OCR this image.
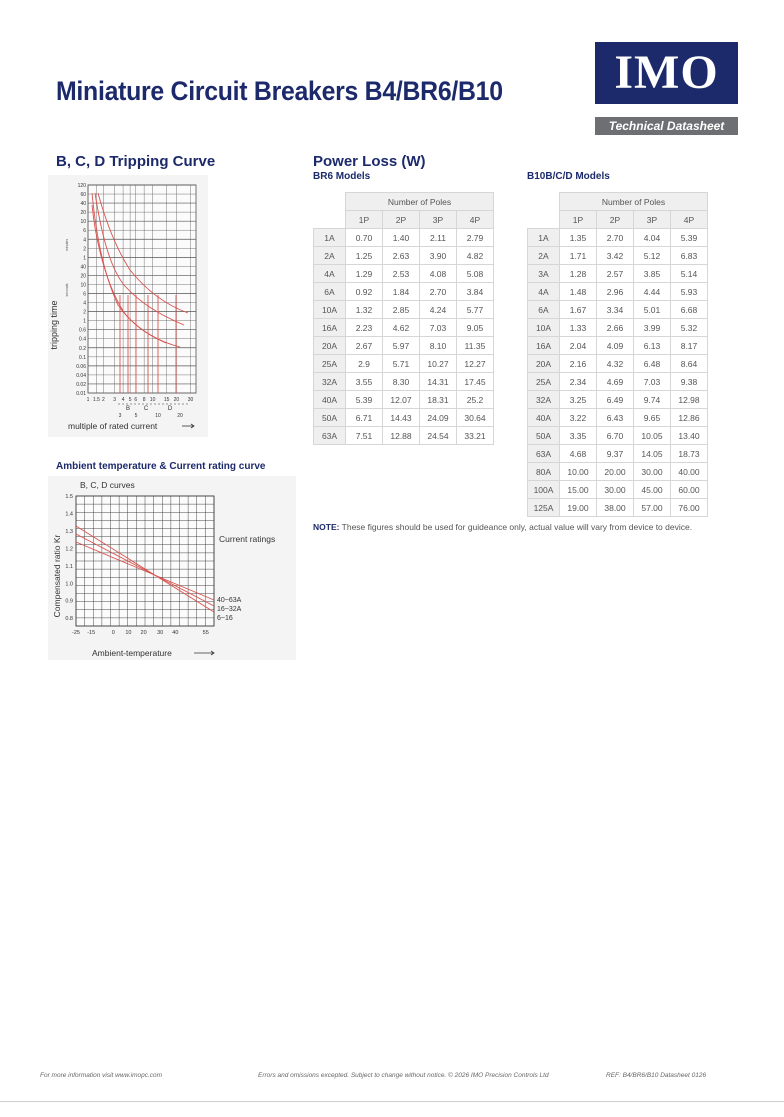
Miniature Circuit Breakers B4/BR6/B10	IMO
Technical Datasheet
B, C, D Tripping Curve
120
60
40
20
10
6
4
2
1
40
20
10
6
4
2
1
0.6
0.4
0.2
0.1
0.06
0.04
0.02
0.01
1 1.5 2 3 4 5 6 8 10 15 20 30
B C	D
3	5	10	20
tripping time
minutes
seconds
multiple of rated current
Ambient temperature & Current rating curve
B, C, D curves
1.5
1.4
1.3
1.2
1.1
1.0
0.9
0.8
-25 -15	0 10 20 30 40	55
Compensated ratio Kr
Ambient-temperature
Current ratings
40~63A
16~32A
6~16
Power Loss (W)
BR6 Models	B10B/C/D Models
	Number of Poles			
	1P	2P	3P	4P
1A	0.70	1.40	2.11	2.79
2A	1.25	2.63	3.90	4.82
4A	1.29	2.53	4.08	5.08
6A	0.92	1.84	2.70	3.84
10A	1.32	2.85	4.24	5.77
16A	2.23	4.62	7.03	9.05
20A	2.67	5.97	8.10	11.35
25A	2.9	5.71	10.27	12.27
32A	3.55	8.30	14.31	17.45
40A	5.39	12.07	18.31	25.2
50A	6.71	14.43	24.09	30.64
63A	7.51	12.88	24.54	33.21
	Number of Poles			
	1P	2P	3P	4P
1A	1.35	2.70	4.04	5.39
2A	1.71	3.42	5.12	6.83
3A	1.28	2.57	3.85	5.14
4A	1.48	2.96	4.44	5.93
6A	1.67	3.34	5.01	6.68
10A	1.33	2.66	3.99	5.32
16A	2.04	4.09	6.13	8.17
20A	2.16	4.32	6.48	8.64
25A	2.34	4.69	7.03	9.38
32A	3.25	6.49	9.74	12.98
40A	3.22	6.43	9.65	12.86
50A	3.35	6.70	10.05	13.40
63A	4.68	9.37	14.05	18.73
80A	10.00	20.00	30.00	40.00
100A	15.00	30.00	45.00	60.00
125A	19.00	38.00	57.00	76.00
NOTE: These figures should be used for guideance only, actual value will vary from device to device.
For more information visit www.imopc.com	Errors and omissions excepted. Subject to change without notice. © 2026 IMO Precision Controls Ltd	REF: B4/BR6/B10 Datasheet 0126
